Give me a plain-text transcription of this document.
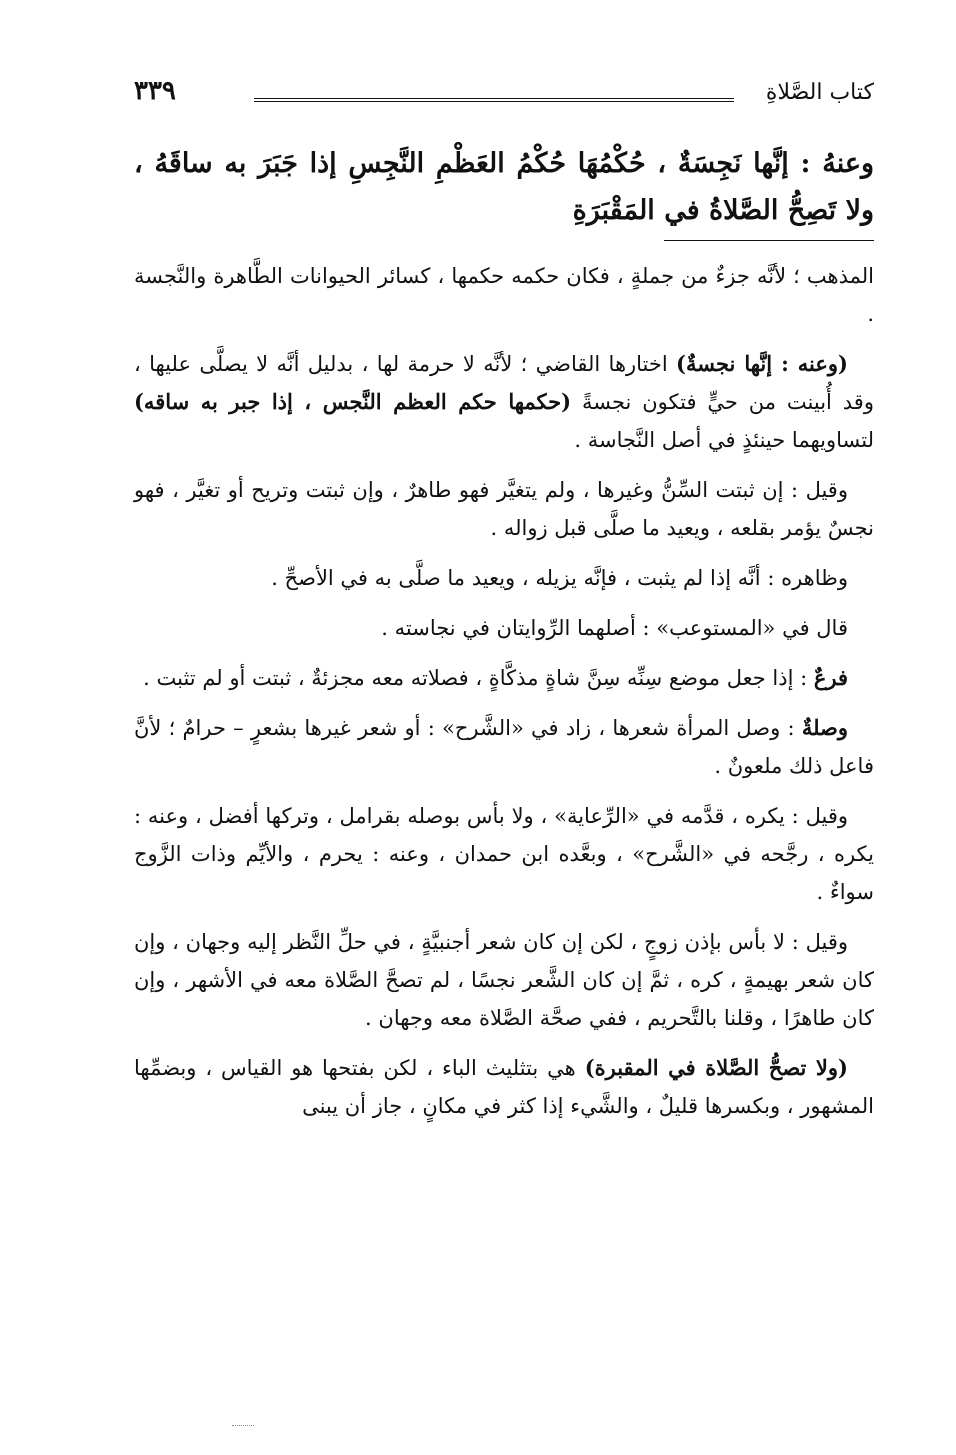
كتاب الصَّلاةِ
٣٣٩

وعنهُ : إنَّها نَجِسَةٌ ، حُكْمُهَا حُكْمُ العَظْمِ النَّجِسِ إذا جَبَرَ به ساقَهُ ، ولا تَصِحُّ الصَّلاةُ في المَقْبَرَةِ

المذهب ؛ لأنَّه جزءٌ من جملةٍ ، فكان حكمه حكمها ، كسائر الحيوانات الطَّاهرة والنَّجسة .

(وعنه : إنَّها نجسةٌ) اختارها القاضي ؛ لأنَّه لا حرمة لها ، بدليل أنَّه لا يصلَّى عليها ، وقد أُبينت من حيٍّ فتكون نجسةً (حكمها حكم العظم النَّجس ، إذا جبر به ساقه) لتساويهما حينئذٍ في أصل النَّجاسة .

وقيل : إن ثبتت السِّنُّ وغيرها ، ولم يتغيَّر فهو طاهرٌ ، وإن ثبتت وتريح أو تغيَّر ، فهو نجسٌ يؤمر بقلعه ، ويعيد ما صلَّى قبل زواله .

وظاهره : أنَّه إذا لم يثبت ، فإنَّه يزيله ، ويعيد ما صلَّى به في الأصحِّ .

قال في «المستوعب» : أصلهما الرِّوايتان في نجاسته .

فرعٌ : إذا جعل موضع سِنِّه سِنَّ شاةٍ مذكَّاةٍ ، فصلاته معه مجزئةٌ ، ثبتت أو لم تثبت .

وصلةٌ : وصل المرأة شعرها ، زاد في «الشَّرح» : أو شعر غيرها بشعرٍ – حرامٌ ؛ لأنَّ فاعل ذلك ملعونٌ .

وقيل : يكره ، قدَّمه في «الرِّعاية» ، ولا بأس بوصله بقرامل ، وتركها أفضل ، وعنه : يكره ، رجَّحه في «الشَّرح» ، وبعَّده ابن حمدان ، وعنه : يحرم ، والأيِّم وذات الزَّوج سواءٌ .

وقيل : لا بأس بإذن زوجٍ ، لكن إن كان شعر أجنبيَّةٍ ، في حلِّ النَّظر إليه وجهان ، وإن كان شعر بهيمةٍ ، كره ، ثمَّ إن كان الشَّعر نجسًا ، لم تصحَّ الصَّلاة معه في الأشهر ، وإن كان طاهرًا ، وقلنا بالتَّحريم ، ففي صحَّة الصَّلاة معه وجهان .

(ولا تصحُّ الصَّلاة في المقبرة) هي بتثليث الباء ، لكن بفتحها هو القياس ، وبضمِّها المشهور ، وبكسرها قليلٌ ، والشَّيء إذا كثر في مكانٍ ، جاز أن يبنى
